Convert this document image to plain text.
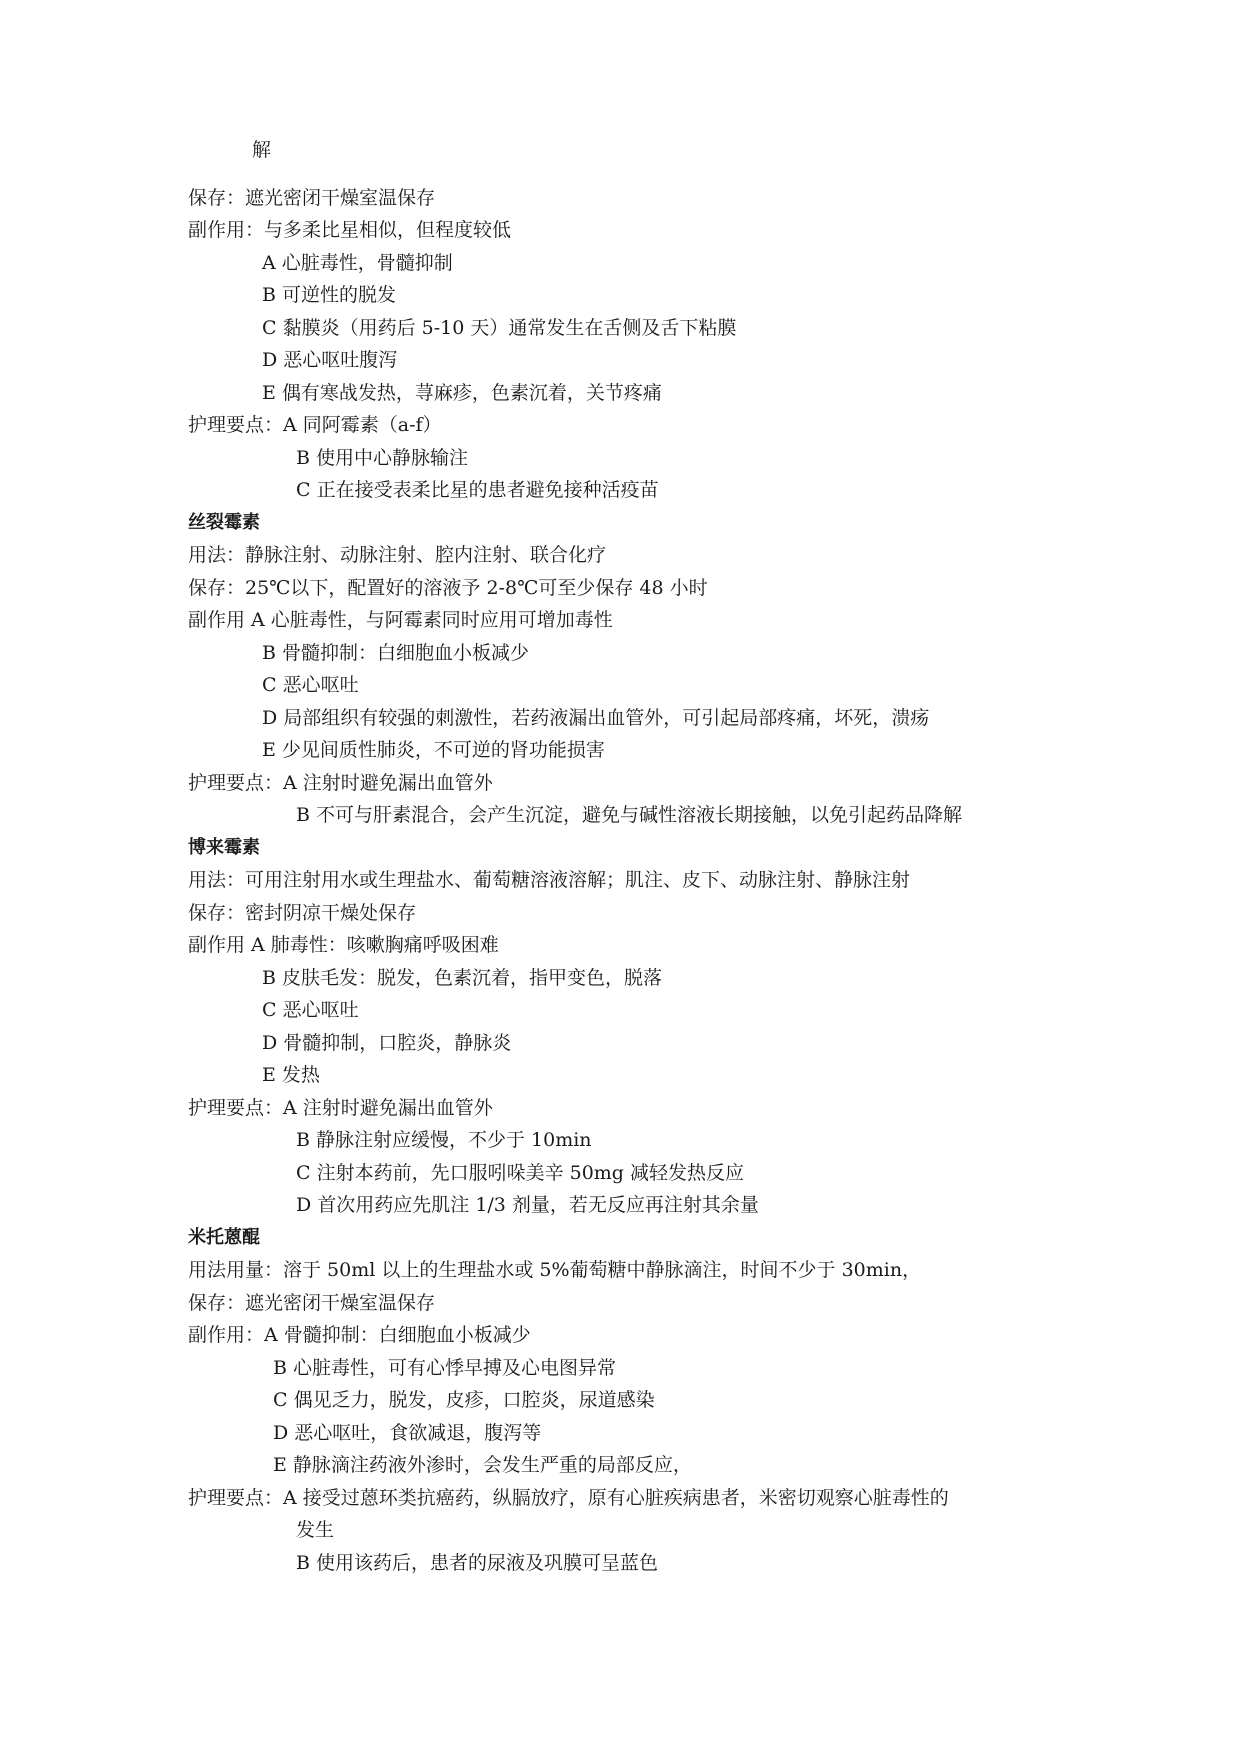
解
保存：遮光密闭干燥室温保存
副作用：与多柔比星相似，但程度较低
A 心脏毒性，骨髓抑制
B 可逆性的脱发
C 黏膜炎（用药后 5-10 天）通常发生在舌侧及舌下粘膜
D 恶心呕吐腹泻
E 偶有寒战发热，荨麻疹，色素沉着，关节疼痛
护理要点：A 同阿霉素（a-f）
B 使用中心静脉输注
C 正在接受表柔比星的患者避免接种活疫苗
丝裂霉素
用法：静脉注射、动脉注射、腔内注射、联合化疗
保存：25℃以下，配置好的溶液予 2-8℃可至少保存 48 小时
副作用 A 心脏毒性，与阿霉素同时应用可增加毒性
B 骨髓抑制：白细胞血小板减少
C 恶心呕吐
D 局部组织有较强的刺激性，若药液漏出血管外，可引起局部疼痛，坏死，溃疡
E 少见间质性肺炎，不可逆的肾功能损害
护理要点：A 注射时避免漏出血管外
B 不可与肝素混合，会产生沉淀，避免与碱性溶液长期接触，以免引起药品降解
博来霉素
用法：可用注射用水或生理盐水、葡萄糖溶液溶解；肌注、皮下、动脉注射、静脉注射
保存：密封阴凉干燥处保存
副作用 A 肺毒性：咳嗽胸痛呼吸困难
B 皮肤毛发：脱发，色素沉着，指甲变色，脱落
C 恶心呕吐
D 骨髓抑制，口腔炎，静脉炎
E 发热
护理要点：A 注射时避免漏出血管外
B 静脉注射应缓慢，不少于 10min
C 注射本药前，先口服吲哚美辛 50mg 减轻发热反应
D 首次用药应先肌注 1/3 剂量，若无反应再注射其余量
米托蒽醌
用法用量：溶于 50ml 以上的生理盐水或 5%葡萄糖中静脉滴注，时间不少于 30min，
保存：遮光密闭干燥室温保存
副作用：A 骨髓抑制：白细胞血小板减少
B 心脏毒性，可有心悸早搏及心电图异常
C 偶见乏力，脱发，皮疹，口腔炎，尿道感染
D 恶心呕吐，食欲减退，腹泻等
E 静脉滴注药液外渗时，会发生严重的局部反应，
护理要点：A 接受过蒽环类抗癌药，纵膈放疗，原有心脏疾病患者，米密切观察心脏毒性的
发生
B 使用该药后，患者的尿液及巩膜可呈蓝色
